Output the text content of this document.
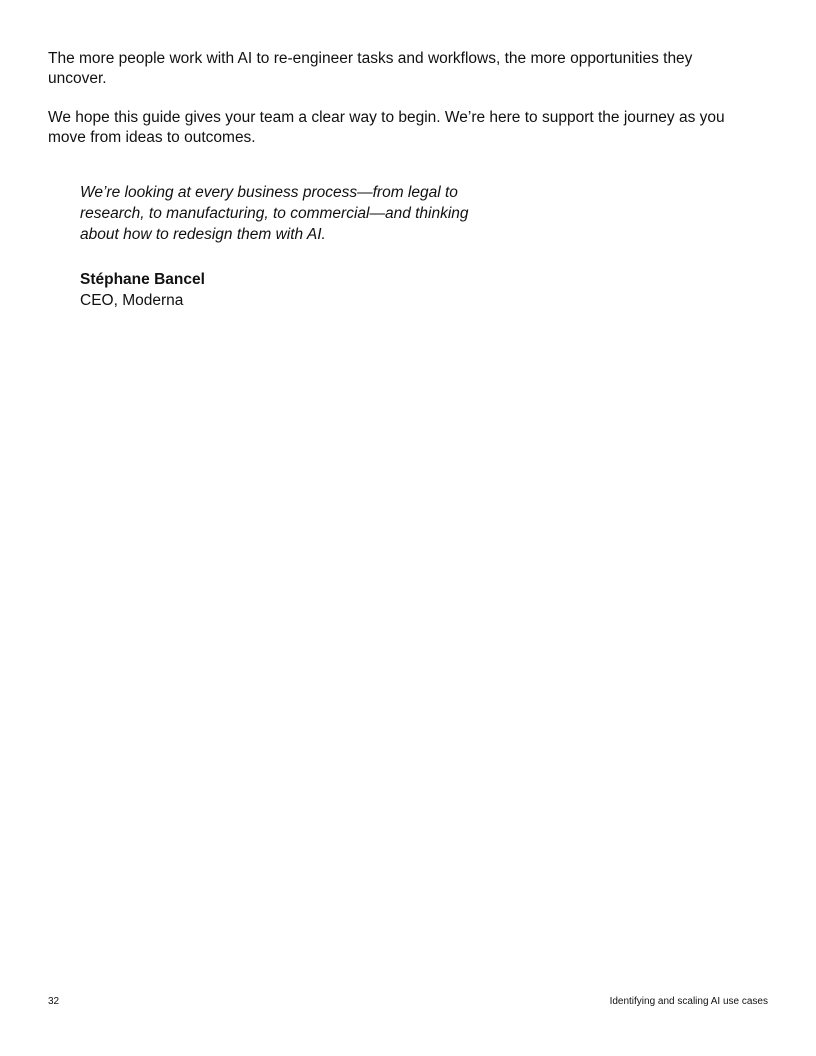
The more people work with AI to re-engineer tasks and workflows, the more opportunities they uncover.

We hope this guide gives your team a clear way to begin. We’re here to support the journey as you move from ideas to outcomes.

We’re looking at every business process—from legal to research, to manufacturing, to commercial—and thinking about how to redesign them with AI.

Stéphane Bancel

CEO, Moderna

32	Identifying and scaling AI use cases
